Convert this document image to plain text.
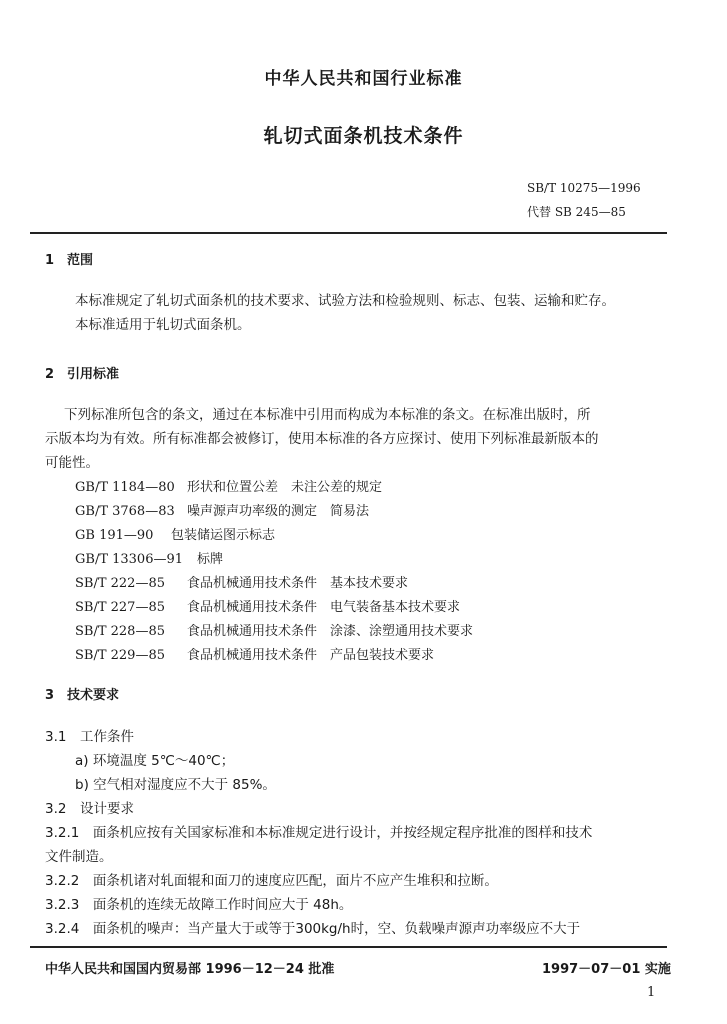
中华人民共和国行业标准
轧切式面条机技术条件
SB/T 10275—1996
代替 SB 245—85
1　范围
本标准规定了轧切式面条机的技术要求、试验方法和检验规则、标志、包装、运输和贮存。
本标准适用于轧切式面条机。
2　引用标准
下列标准所包含的条文，通过在本标准中引用而构成为本标准的条文。在标准出版时，所
示版本均为有效。所有标准都会被修订，使用本标准的各方应探讨、使用下列标准最新版本的
可能性。
GB/T 1184—80 形状和位置公差　未注公差的规定
GB/T 3768—83 噪声源声功率级的测定　简易法
GB 191—90 包装储运图示标志
GB/T 13306—91 标牌
SB/T 222—85 食品机械通用技术条件　基本技术要求
SB/T 227—85 食品机械通用技术条件　电气装备基本技术要求
SB/T 228—85 食品机械通用技术条件　涂漆、涂塑通用技术要求
SB/T 229—85 食品机械通用技术条件　产品包装技术要求
3　技术要求
3.1　工作条件
a) 环境温度 5℃～40℃；
b) 空气相对湿度应不大于 85%。
3.2　设计要求
3.2.1　面条机应按有关国家标准和本标准规定进行设计，并按经规定程序批准的图样和技术
文件制造。
3.2.2　面条机诸对轧面辊和面刀的速度应匹配，面片不应产生堆积和拉断。
3.2.3　面条机的连续无故障工作时间应大于 48h。
3.2.4　面条机的噪声：当产量大于或等于300kg/h时，空、负载噪声源声功率级应不大于
中华人民共和国国内贸易部 1996－12－24 批准	1997－07－01 实施
1
